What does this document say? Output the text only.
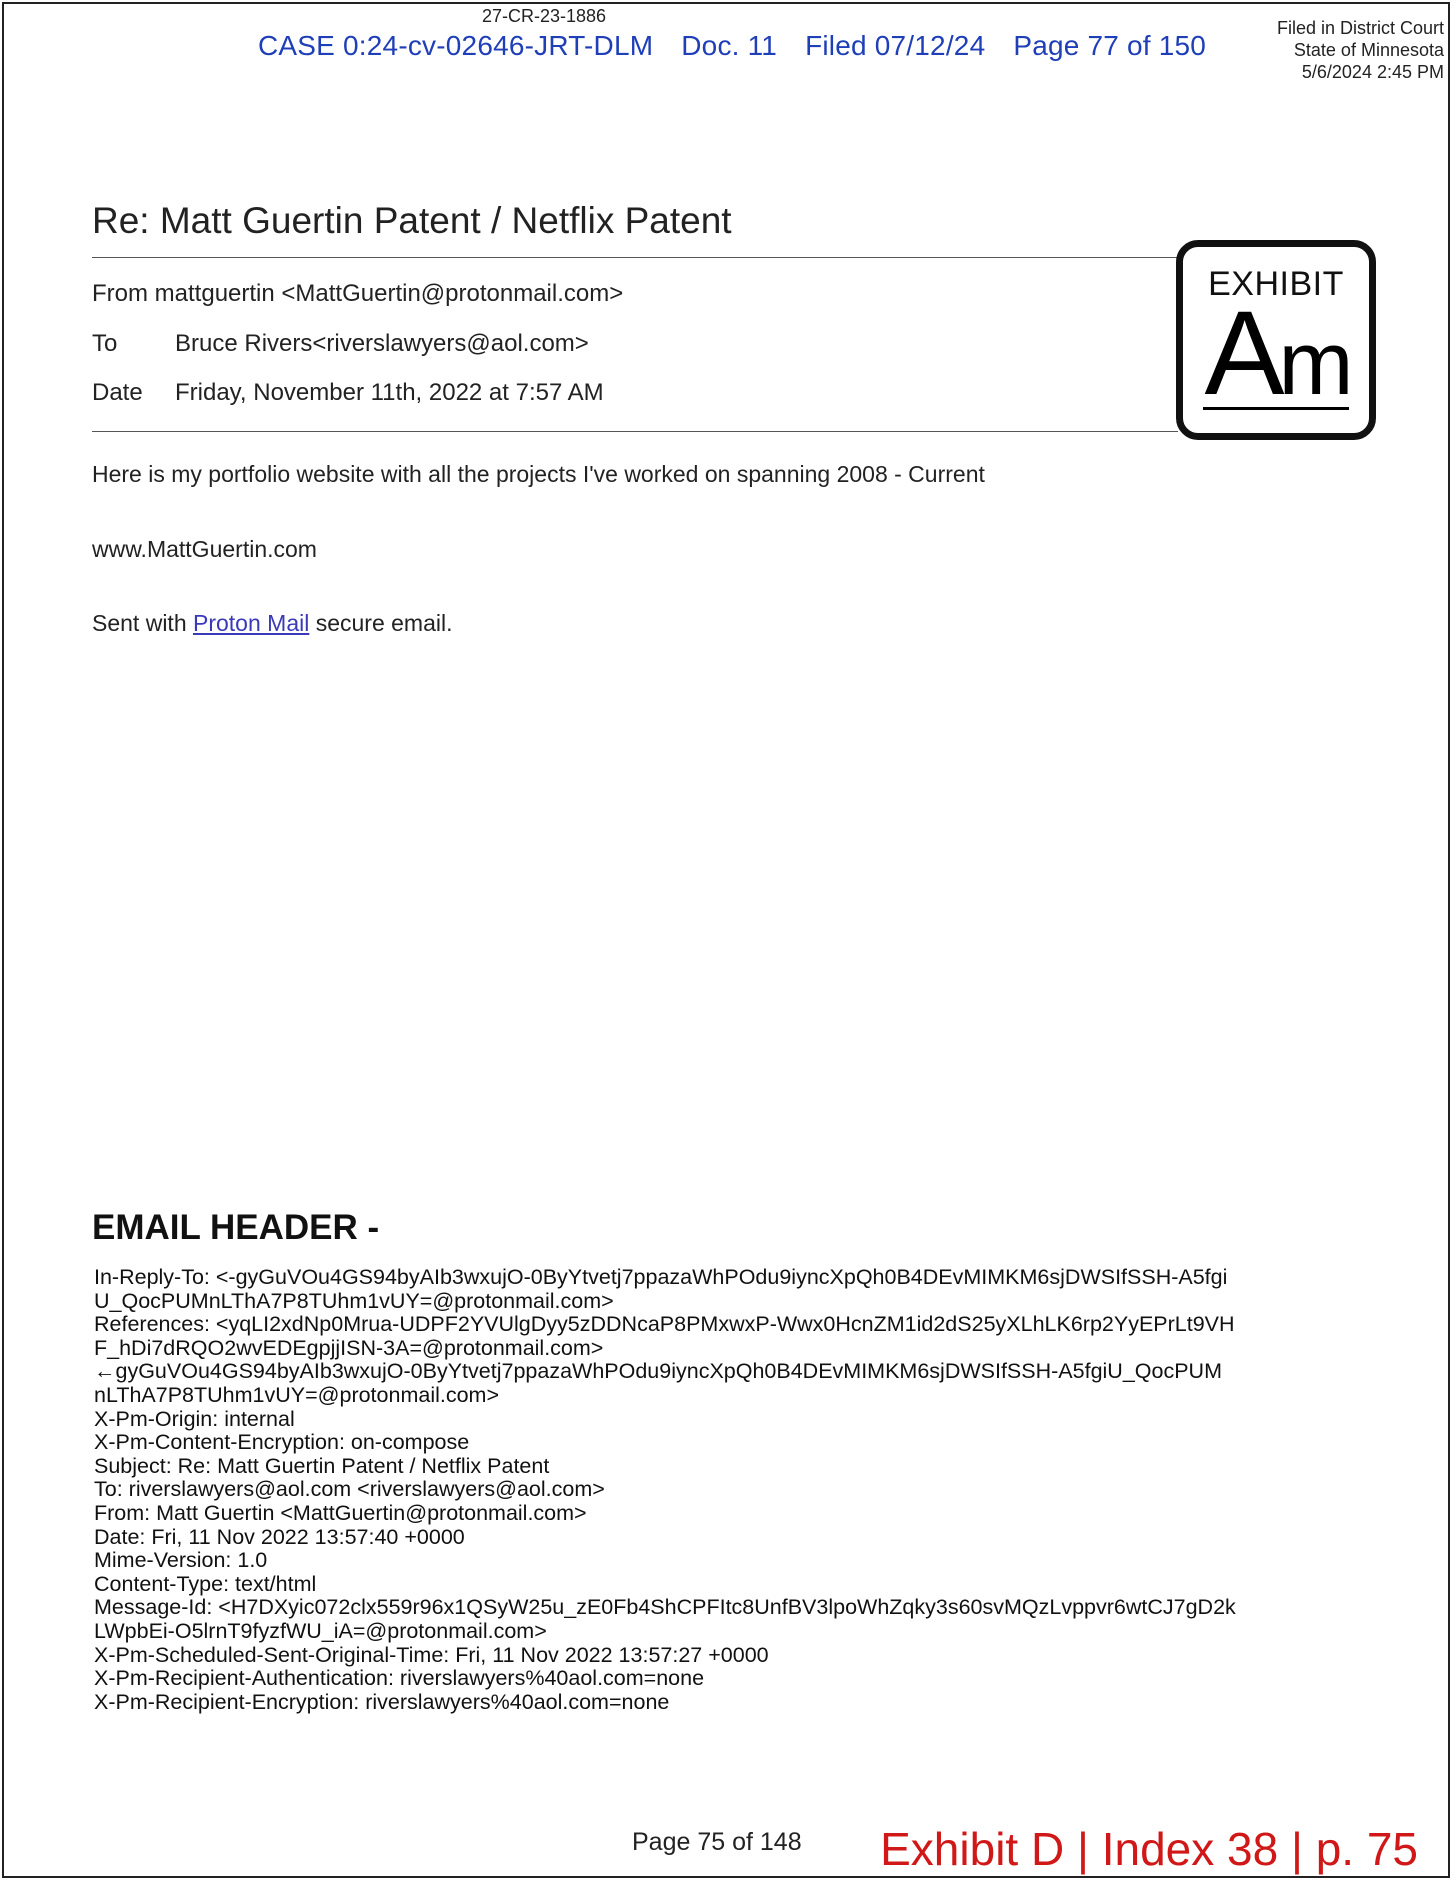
27-CR-23-1886
CASE 0:24-cv-02646-JRT-DLM Doc. 11 Filed 07/12/24 Page 77 of 150
Filed in District Court
State of Minnesota
5/6/2024 2:45 PM
Re: Matt Guertin Patent / Netflix Patent
From mattguertin <MattGuertin@protonmail.com>
To Bruce Rivers<riverslawyers@aol.com>
Date Friday, November 11th, 2022 at 7:57 AM
EXHIBIT
Am
Here is my portfolio website with all the projects I've worked on spanning 2008 - Current
www.MattGuertin.com
Sent with Proton Mail secure email.
EMAIL HEADER -
In-Reply-To: <-gyGuVOu4GS94byAIb3wxujO-0ByYtvetj7ppazaWhPOdu9iyncXpQh0B4DEvMIMKM6sjDWSIfSSH-A5fgi
U_QocPUMnLThA7P8TUhm1vUY=@protonmail.com>
References: <yqLI2xdNp0Mrua-UDPF2YVUlgDyy5zDDNcaP8PMxwxP-Wwx0HcnZM1id2dS25yXLhLK6rp2YyEPrLt9VH
F_hDi7dRQO2wvEDEgpjjISN-3A=@protonmail.com>
←gyGuVOu4GS94byAIb3wxujO-0ByYtvetj7ppazaWhPOdu9iyncXpQh0B4DEvMIMKM6sjDWSIfSSH-A5fgiU_QocPUM
nLThA7P8TUhm1vUY=@protonmail.com>
X-Pm-Origin: internal
X-Pm-Content-Encryption: on-compose
Subject: Re: Matt Guertin Patent / Netflix Patent
To: riverslawyers@aol.com <riverslawyers@aol.com>
From: Matt Guertin <MattGuertin@protonmail.com>
Date: Fri, 11 Nov 2022 13:57:40 +0000
Mime-Version: 1.0
Content-Type: text/html
Message-Id: <H7DXyic072clx559r96x1QSyW25u_zE0Fb4ShCPFItc8UnfBV3lpoWhZqky3s60svMQzLvppvr6wtCJ7gD2k
LWpbEi-O5lrnT9fyzfWU_iA=@protonmail.com>
X-Pm-Scheduled-Sent-Original-Time: Fri, 11 Nov 2022 13:57:27 +0000
X-Pm-Recipient-Authentication: riverslawyers%40aol.com=none
X-Pm-Recipient-Encryption: riverslawyers%40aol.com=none
Page 75 of 148 Exhibit D | Index 38 | p. 75
